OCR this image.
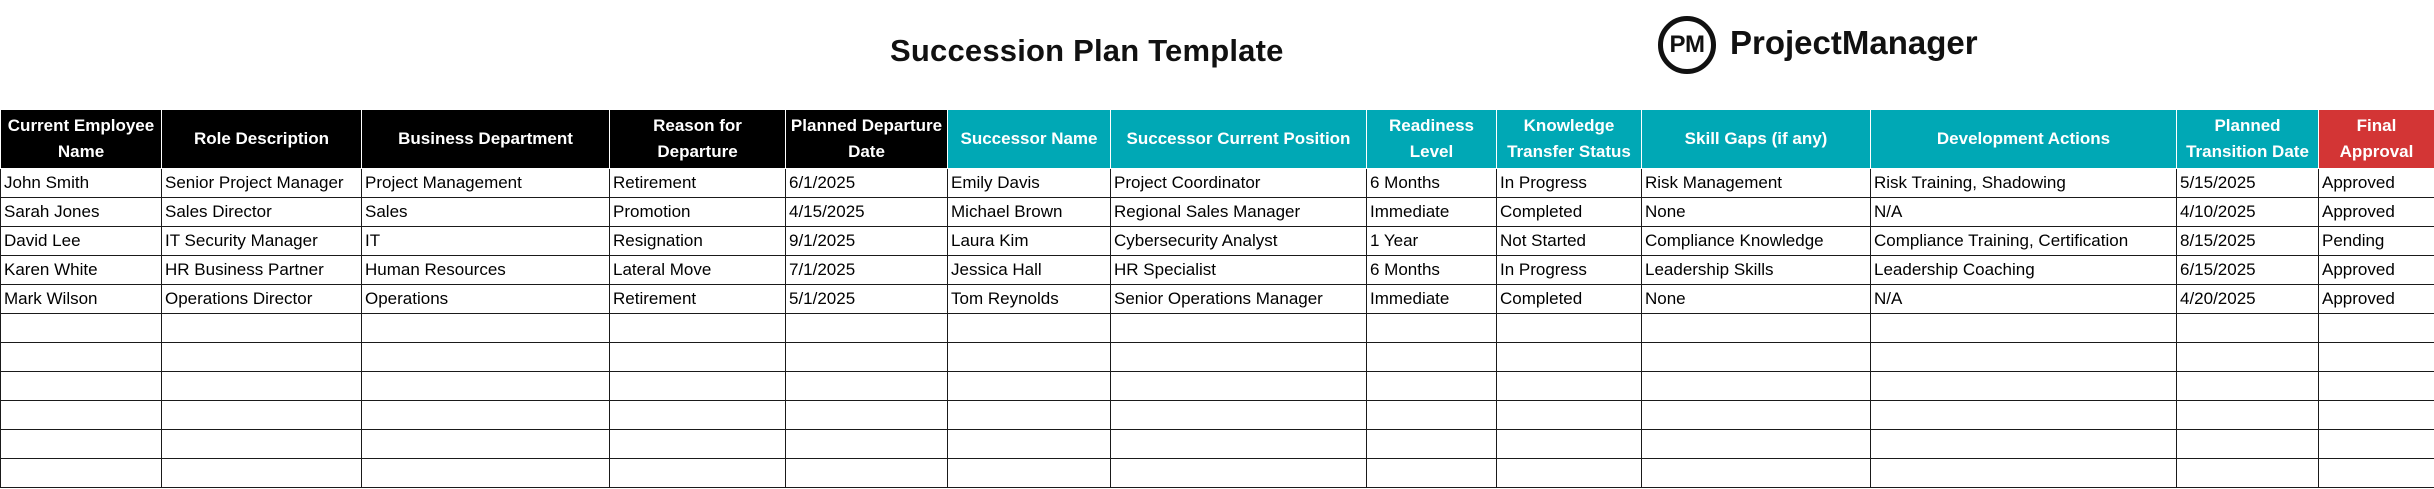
Succession Plan Template	PM ProjectManager
Current Employee Name	Role Description	Business Department	Reason for Departure	Planned Departure Date	Successor Name	Successor Current Position	Readiness Level	Knowledge Transfer Status	Skill Gaps (if any)	Development Actions	Planned Transition Date	Final Approval
John Smith	Senior Project Manager	Project Management	Retirement	6/1/2025	Emily Davis	Project Coordinator	6 Months	In Progress	Risk Management	Risk Training, Shadowing	5/15/2025	Approved
Sarah Jones	Sales Director	Sales	Promotion	4/15/2025	Michael Brown	Regional Sales Manager	Immediate	Completed	None	N/A	4/10/2025	Approved
David Lee	IT Security Manager	IT	Resignation	9/1/2025	Laura Kim	Cybersecurity Analyst	1 Year	Not Started	Compliance Knowledge	Compliance Training, Certification	8/15/2025	Pending
Karen White	HR Business Partner	Human Resources	Lateral Move	7/1/2025	Jessica Hall	HR Specialist	6 Months	In Progress	Leadership Skills	Leadership Coaching	6/15/2025	Approved
Mark Wilson	Operations Director	Operations	Retirement	5/1/2025	Tom Reynolds	Senior Operations Manager	Immediate	Completed	None	N/A	4/20/2025	Approved
